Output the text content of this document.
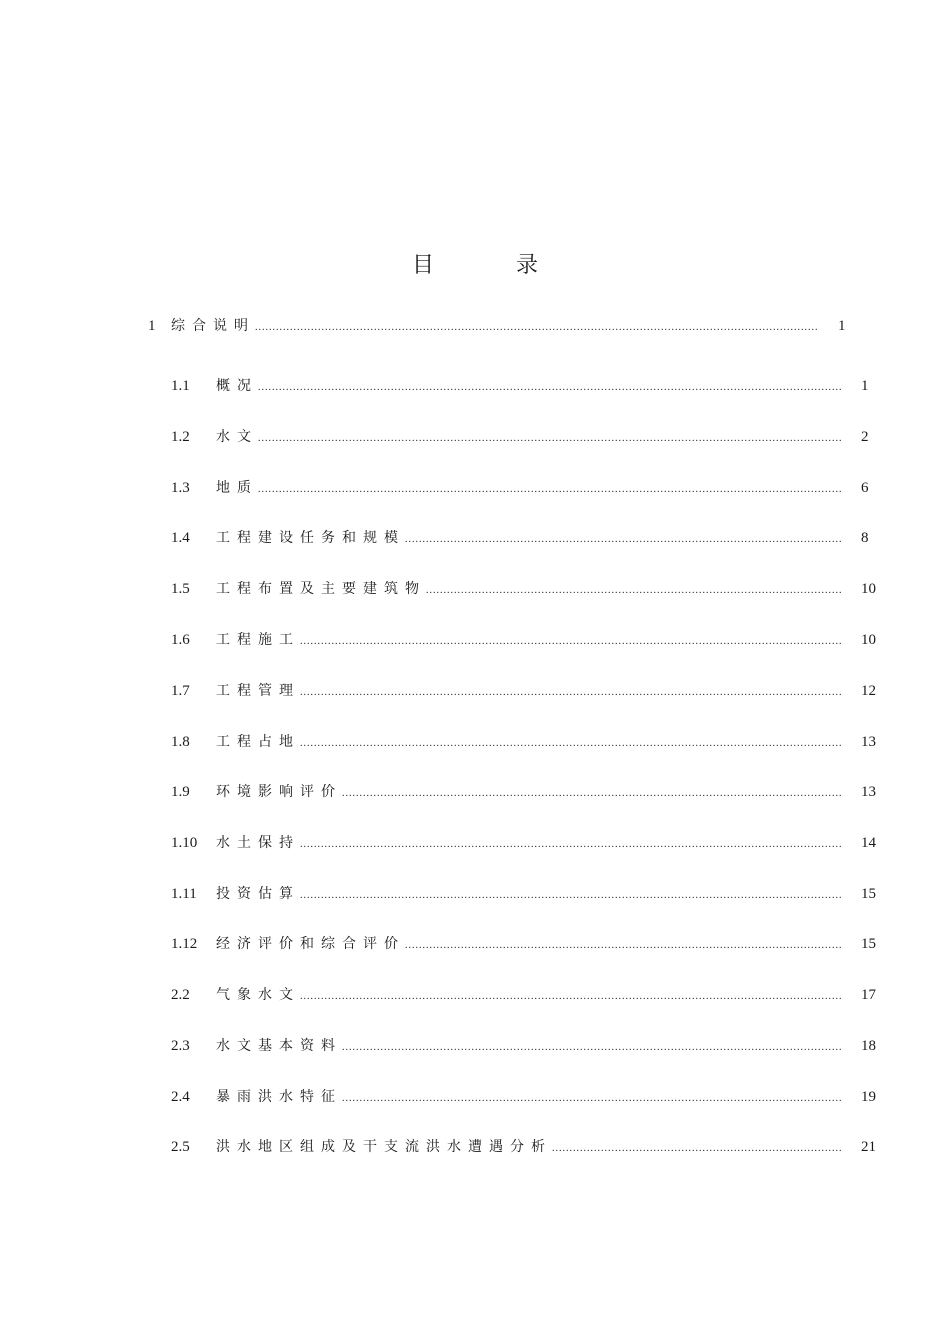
目	录
1	综合说明 .....	1
1.1	概况 .....	1
1.2	水文 .....	2
1.3	地质 .....	6
1.4	工程建设任务和规模 .....	8
1.5	工程布置及主要建筑物 .....	10
1.6	工程施工 .....	10
1.7	工程管理 .....	12
1.8	工程占地 .....	13
1.9	环境影响评价 .....	13
1.10	水土保持 .....	14
1.11	投资估算 .....	15
1.12	经济评价和综合评价 .....	15
2.2	气象水文 .....	17
2.3	水文基本资料 .....	18
2.4	暴雨洪水特征 .....	19
2.5	洪水地区组成及干支流洪水遭遇分析 .....	21
